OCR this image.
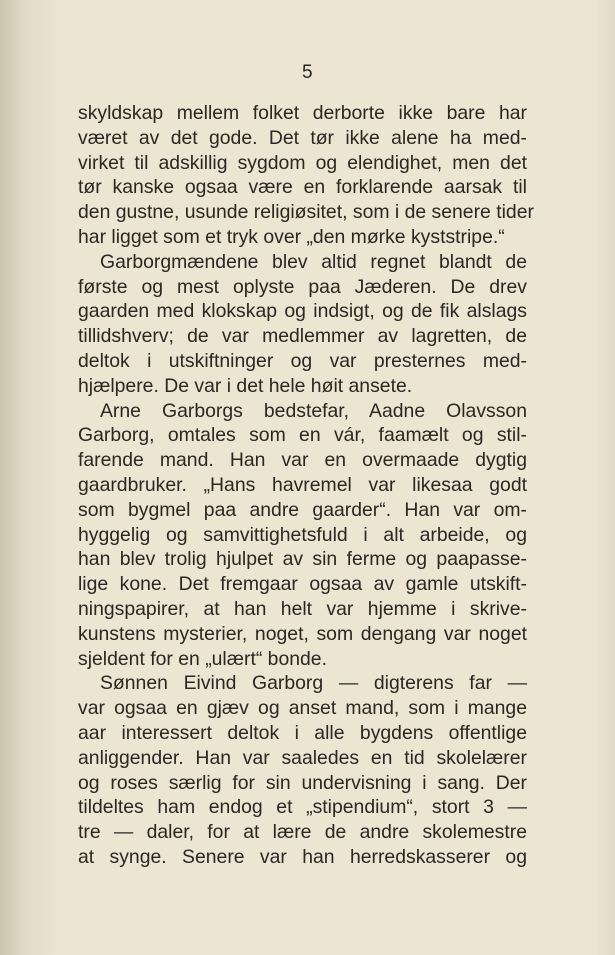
5
skyldskap mellem folket derborte ikke bare har
været av det gode. Det tør ikke alene ha med-
virket til adskillig sygdom og elendighet, men det
tør kanske ogsaa være en forklarende aarsak til
den gustne, usunde religiøsitet, som i de senere tider
har ligget som et tryk over „den mørke kyststripe.“
Garborgmændene blev altid regnet blandt de
første og mest oplyste paa Jæderen. De drev
gaarden med klokskap og indsigt, og de fik alslags
tillidshverv; de var medlemmer av lagretten, de
deltok i utskiftninger og var presternes med-
hjælpere. De var i det hele høit ansete.
Arne Garborgs bedstefar, Aadne Olavsson
Garborg, omtales som en vár, faamælt og stil-
farende mand. Han var en overmaade dygtig
gaardbruker. „Hans havremel var likesaa godt
som bygmel paa andre gaarder“. Han var om-
hyggelig og samvittighetsfuld i alt arbeide, og
han blev trolig hjulpet av sin ferme og paapasse-
lige kone. Det fremgaar ogsaa av gamle utskift-
ningspapirer, at han helt var hjemme i skrive-
kunstens mysterier, noget, som dengang var noget
sjeldent for en „ulært“ bonde.
Sønnen Eivind Garborg — digterens far —
var ogsaa en gjæv og anset mand, som i mange
aar interessert deltok i alle bygdens offentlige
anliggender. Han var saaledes en tid skolelærer
og roses særlig for sin undervisning i sang. Der
tildeltes ham endog et „stipendium“, stort 3 —
tre — daler, for at lære de andre skolemestre
at synge. Senere var han herredskasserer og
